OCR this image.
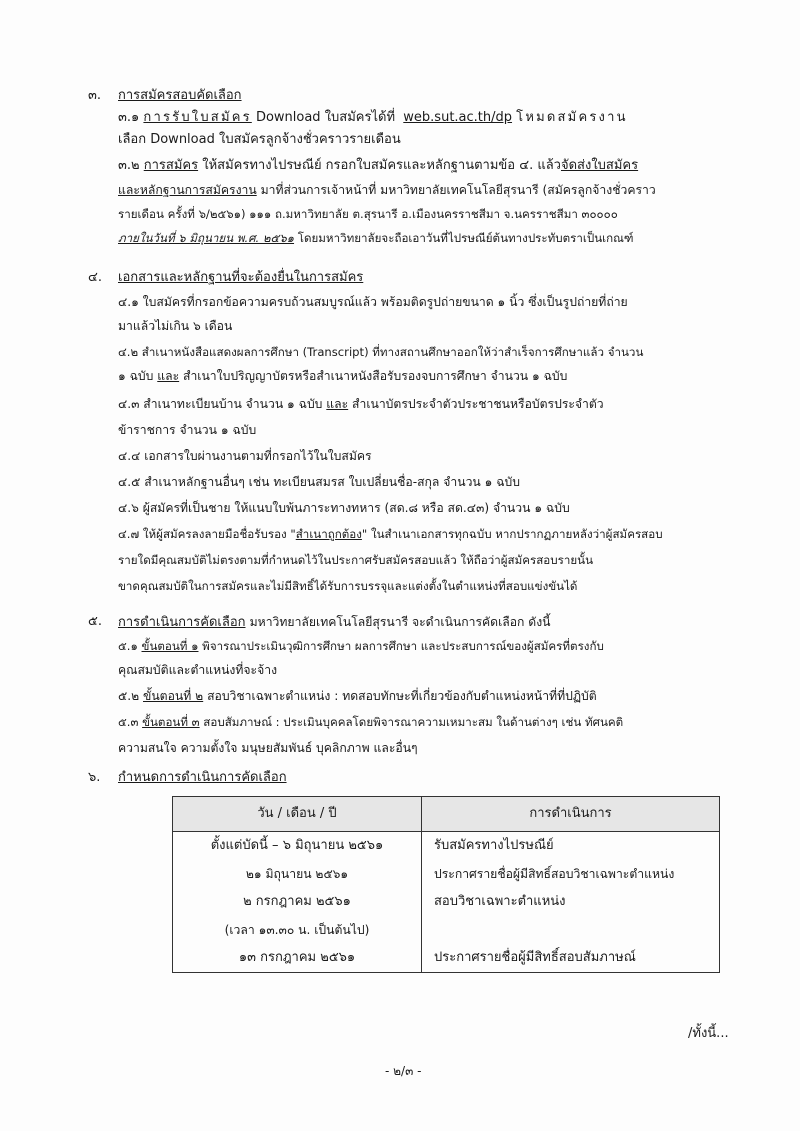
๓. การสมัครสอบคัดเลือก
๓.๑ การรับใบสมัคร Download ใบสมัครได้ที่ web.sut.ac.th/dp โหมดสมัครงาน
เลือก Download ใบสมัครลูกจ้างชั่วคราวรายเดือน
๓.๒ การสมัคร ให้สมัครทางไปรษณีย์ กรอกใบสมัครและหลักฐานตามข้อ ๔. แล้วจัดส่งใบสมัคร
และหลักฐานการสมัครงาน มาที่ส่วนการเจ้าหน้าที่ มหาวิทยาลัยเทคโนโลยีสุรนารี (สมัครลูกจ้างชั่วคราว
รายเดือน ครั้งที่ ๖/๒๕๖๑) ๑๑๑ ถ.มหาวิทยาลัย ต.สุรนารี อ.เมืองนครราชสีมา จ.นครราชสีมา ๓๐๐๐๐
ภายในวันที่ ๖ มิถุนายน พ.ศ. ๒๕๖๑ โดยมหาวิทยาลัยจะถือเอาวันที่ไปรษณีย์ต้นทางประทับตราเป็นเกณฑ์
๔. เอกสารและหลักฐานที่จะต้องยื่นในการสมัคร
๔.๑ ใบสมัครที่กรอกข้อความครบถ้วนสมบูรณ์แล้ว พร้อมติดรูปถ่ายขนาด ๑ นิ้ว ซึ่งเป็นรูปถ่ายที่ถ่าย
มาแล้วไม่เกิน ๖ เดือน
๔.๒ สำเนาหนังสือแสดงผลการศึกษา (Transcript) ที่ทางสถานศึกษาออกให้ว่าสำเร็จการศึกษาแล้ว จำนวน
๑ ฉบับ และ สำเนาใบปริญญาบัตรหรือสำเนาหนังสือรับรองจบการศึกษา จำนวน ๑ ฉบับ
๔.๓ สำเนาทะเบียนบ้าน จำนวน ๑ ฉบับ และ สำเนาบัตรประจำตัวประชาชนหรือบัตรประจำตัว
ข้าราชการ จำนวน ๑ ฉบับ
๔.๔ เอกสารใบผ่านงานตามที่กรอกไว้ในใบสมัคร
๔.๕ สำเนาหลักฐานอื่นๆ เช่น ทะเบียนสมรส ใบเปลี่ยนชื่อ-สกุล จำนวน ๑ ฉบับ
๔.๖ ผู้สมัครที่เป็นชาย ให้แนบใบพ้นภาระทางทหาร (สด.๘ หรือ สด.๔๓) จำนวน ๑ ฉบับ
๔.๗ ให้ผู้สมัครลงลายมือชื่อรับรอง "สำเนาถูกต้อง" ในสำเนาเอกสารทุกฉบับ หากปรากฏภายหลังว่าผู้สมัครสอบ
รายใดมีคุณสมบัติไม่ตรงตามที่กำหนดไว้ในประกาศรับสมัครสอบแล้ว ให้ถือว่าผู้สมัครสอบรายนั้น
ขาดคุณสมบัติในการสมัครและไม่มีสิทธิ์ได้รับการบรรจุและแต่งตั้งในตำแหน่งที่สอบแข่งขันได้
๕. การดำเนินการคัดเลือก มหาวิทยาลัยเทคโนโลยีสุรนารี จะดำเนินการคัดเลือก ดังนี้
๕.๑ ขั้นตอนที่ ๑ พิจารณาประเมินวุฒิการศึกษา ผลการศึกษา และประสบการณ์ของผู้สมัครที่ตรงกับ
คุณสมบัติและตำแหน่งที่จะจ้าง
๕.๒ ขั้นตอนที่ ๒ สอบวิชาเฉพาะตำแหน่ง : ทดสอบทักษะที่เกี่ยวข้องกับตำแหน่งหน้าที่ที่ปฏิบัติ
๕.๓ ขั้นตอนที่ ๓ สอบสัมภาษณ์ : ประเมินบุคคลโดยพิจารณาความเหมาะสม ในด้านต่างๆ เช่น ทัศนคติ
ความสนใจ ความตั้งใจ มนุษยสัมพันธ์ บุคลิกภาพ และอื่นๆ
๖. กำหนดการดำเนินการคัดเลือก
วัน / เดือน / ปี	การดำเนินการ
ตั้งแต่บัดนี้ – ๖ มิถุนายน ๒๕๖๑	รับสมัครทางไปรษณีย์
๒๑ มิถุนายน ๒๕๖๑	ประกาศรายชื่อผู้มีสิทธิ์สอบวิชาเฉพาะตำแหน่ง
๒ กรกฎาคม ๒๕๖๑	สอบวิชาเฉพาะตำแหน่ง
(เวลา ๑๓.๓๐ น. เป็นต้นไป)	
๑๓ กรกฎาคม ๒๕๖๑	ประกาศรายชื่อผู้มีสิทธิ์สอบสัมภาษณ์
/ทั้งนี้...
- ๒/๓ -
